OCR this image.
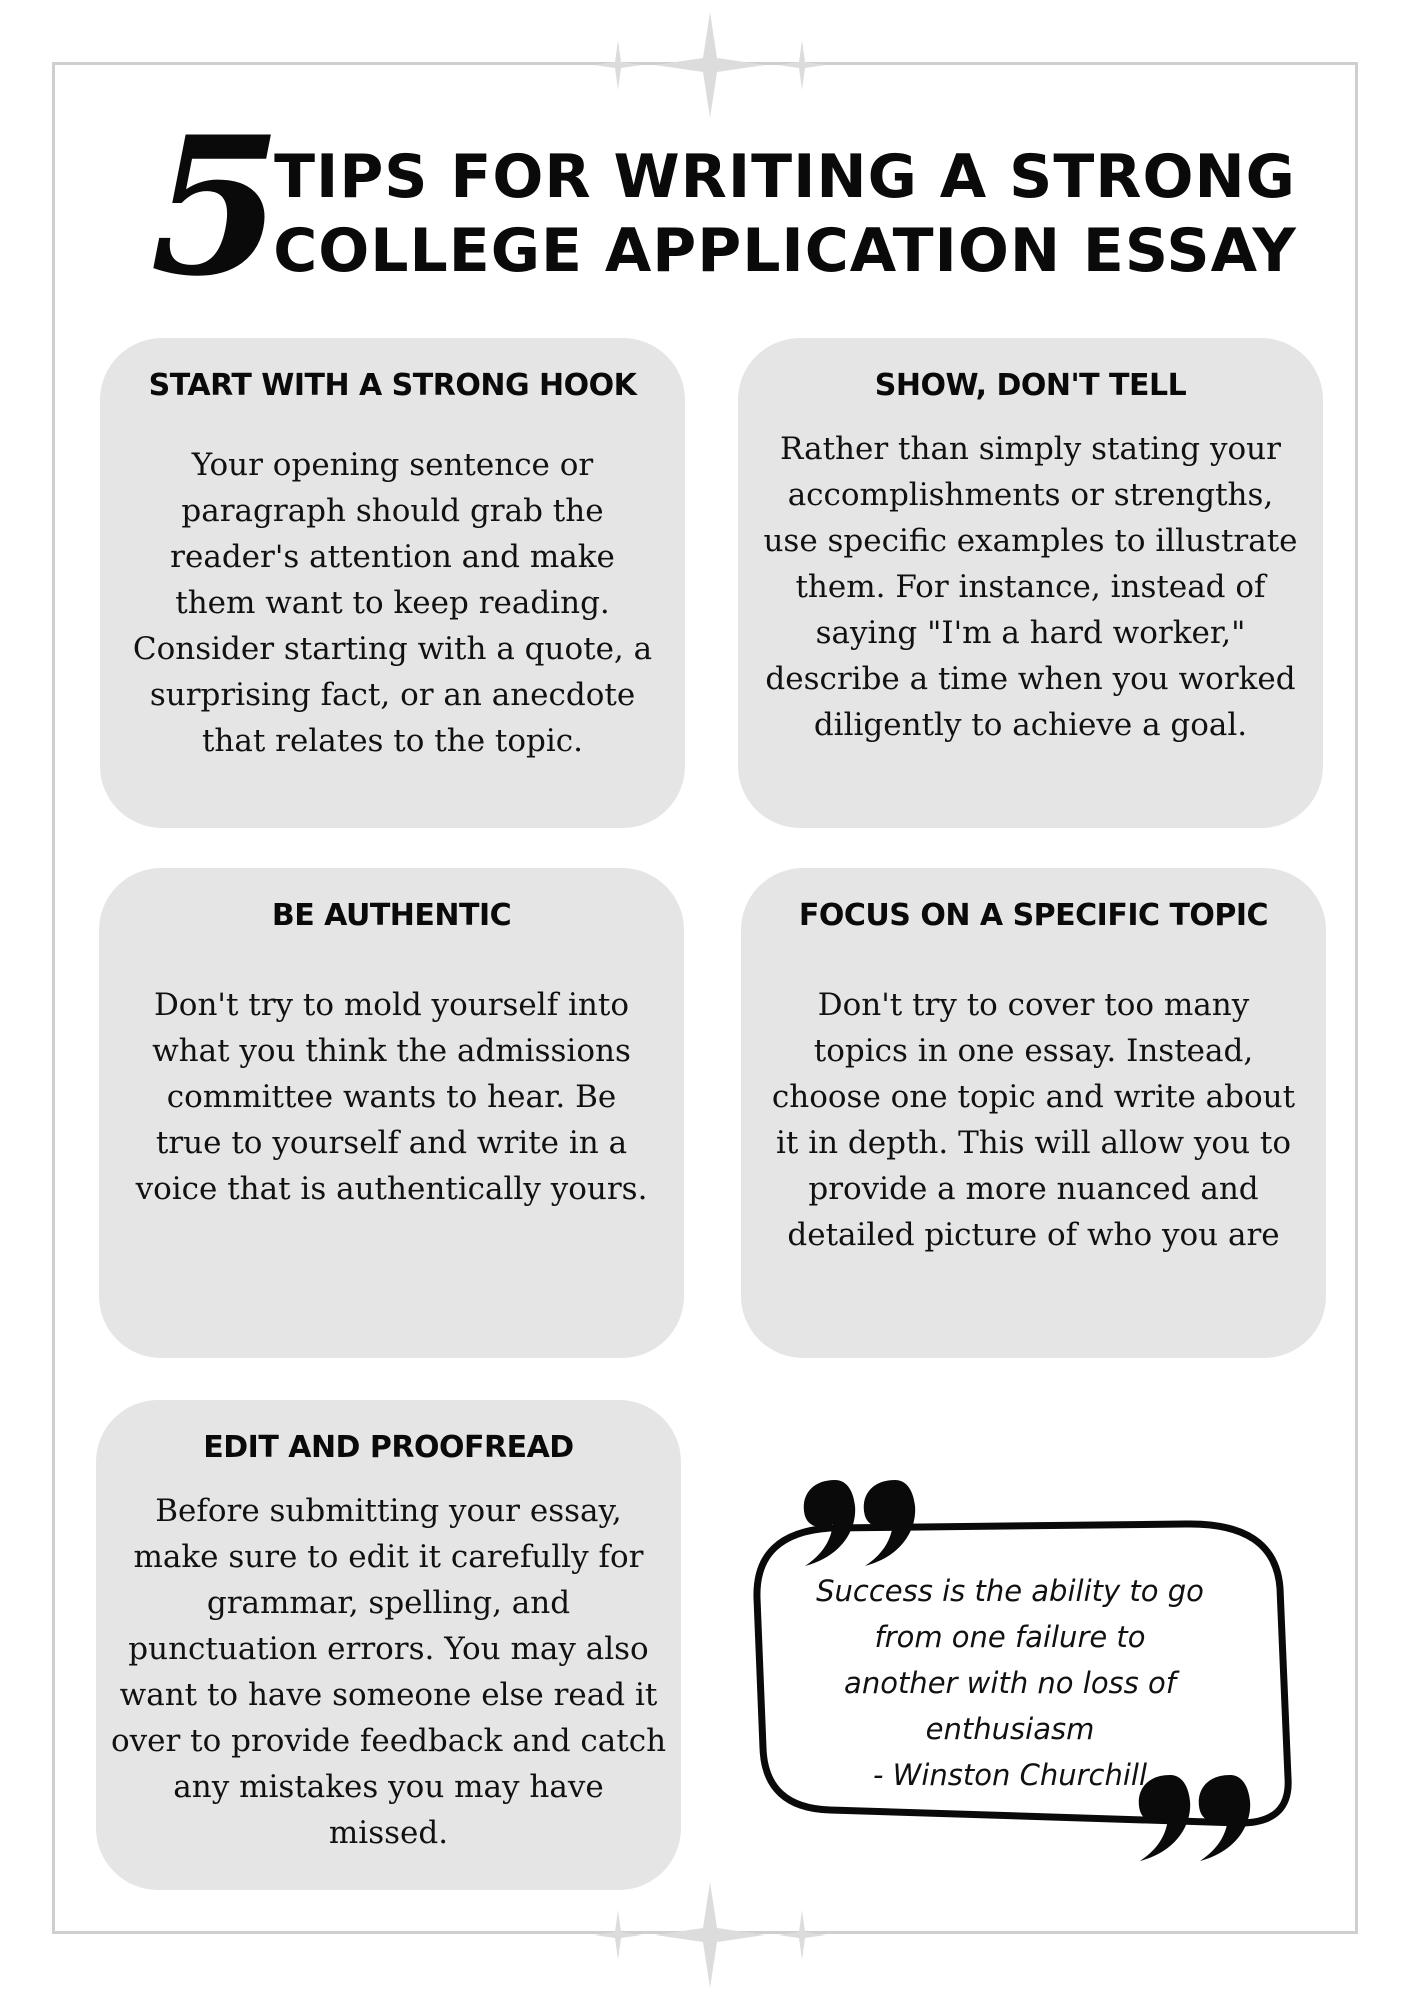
5
TIPS FOR WRITING A STRONG
COLLEGE APPLICATION ESSAY
START WITH A STRONG HOOK
Your opening sentence or paragraph should grab the reader's attention and make them want to keep reading. Consider starting with a quote, a surprising fact, or an anecdote that relates to the topic.
SHOW, DON'T TELL
Rather than simply stating your accomplishments or strengths, use specific examples to illustrate them. For instance, instead of saying "I'm a hard worker," describe a time when you worked diligently to achieve a goal.
BE AUTHENTIC
Don't try to mold yourself into what you think the admissions committee wants to hear. Be true to yourself and write in a voice that is authentically yours.
FOCUS ON A SPECIFIC TOPIC
Don't try to cover too many topics in one essay. Instead, choose one topic and write about it in depth. This will allow you to provide a more nuanced and detailed picture of who you are
EDIT AND PROOFREAD
Before submitting your essay, make sure to edit it carefully for grammar, spelling, and punctuation errors. You may also want to have someone else read it over to provide feedback and catch any mistakes you may have missed.
Success is the ability to go from one failure to another with no loss of enthusiasm
- Winston Churchill
